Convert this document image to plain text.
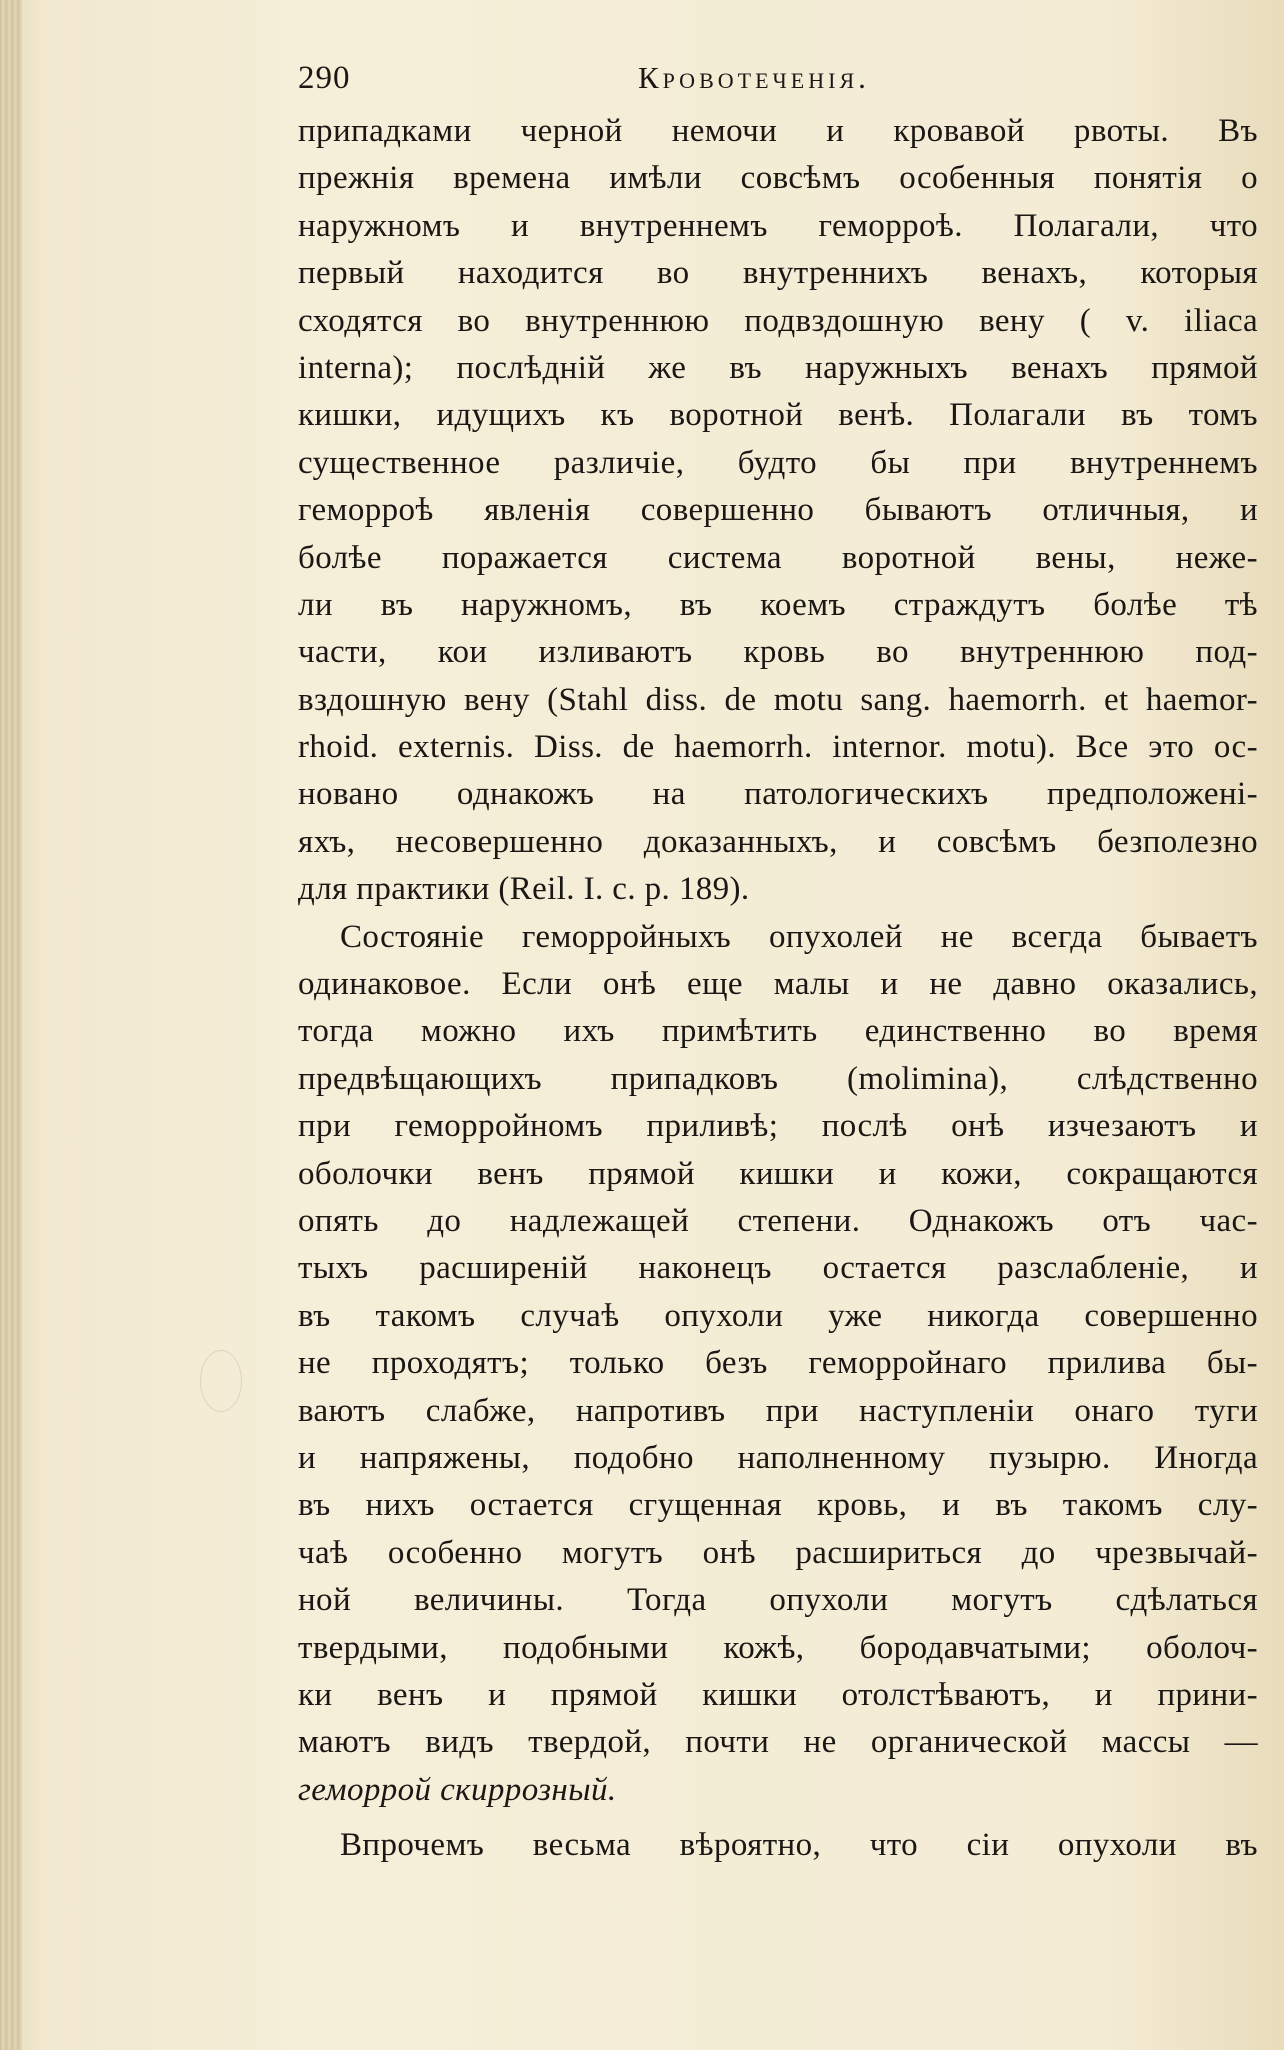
290	Кровотеченія.
припадками черной немочи и кровавой рвоты. Въ
прежнія времена имѣли совсѣмъ особенныя понятія о
наружномъ и внутреннемъ геморроѣ. Полагали, что
первый находится во внутреннихъ венахъ, которыя
сходятся во внутреннюю подвздошную вену ( v. iliaca
interna); послѣдній же въ наружныхъ венахъ прямой
кишки, идущихъ къ воротной венѣ. Полагали въ томъ
существенное различіе, будто бы при внутреннемъ
геморроѣ явленія совершенно бываютъ отличныя, и
болѣе поражается система воротной вены, неже-
ли въ наружномъ, въ коемъ страждутъ болѣе тѣ
части, кои изливаютъ кровь во внутреннюю под-
вздошную вену (Stahl diss. de motu sang. haemorrh. et haemor-
rhoid. externis. Diss. de haemorrh. internor. motu). Все это ос-
новано однакожъ на патологическихъ предположені-
яхъ, несовершенно доказанныхъ, и совсѣмъ безполезно
для практики (Reil. I. c. p. 189).
Состояніе геморройныхъ опухолей не всегда бываетъ
одинаковое. Если онѣ еще малы и не давно оказались,
тогда можно ихъ примѣтить единственно во время
предвѣщающихъ припадковъ (molimina), слѣдственно
при геморройномъ приливѣ; послѣ онѣ изчезаютъ и
оболочки венъ прямой кишки и кожи, сокращаются
опять до надлежащей степени. Однакожъ отъ час-
тыхъ расширеній наконецъ остается разслабленіе, и
въ такомъ случаѣ опухоли уже никогда совершенно
не проходятъ; только безъ геморройнаго прилива бы-
ваютъ слабже, напротивъ при наступленіи онаго туги
и напряжены, подобно наполненному пузырю. Иногда
въ нихъ остается сгущенная кровь, и въ такомъ слу-
чаѣ особенно могутъ онѣ расшириться до чрезвычай-
ной величины. Тогда опухоли могутъ сдѣлаться
твердыми, подобными кожѣ, бородавчатыми; оболоч-
ки венъ и прямой кишки отолстѣваютъ, и прини-
маютъ видъ твердой, почти не органической массы —
геморрой скиррозный.
Впрочемъ весьма вѣроятно, что сіи опухоли въ
